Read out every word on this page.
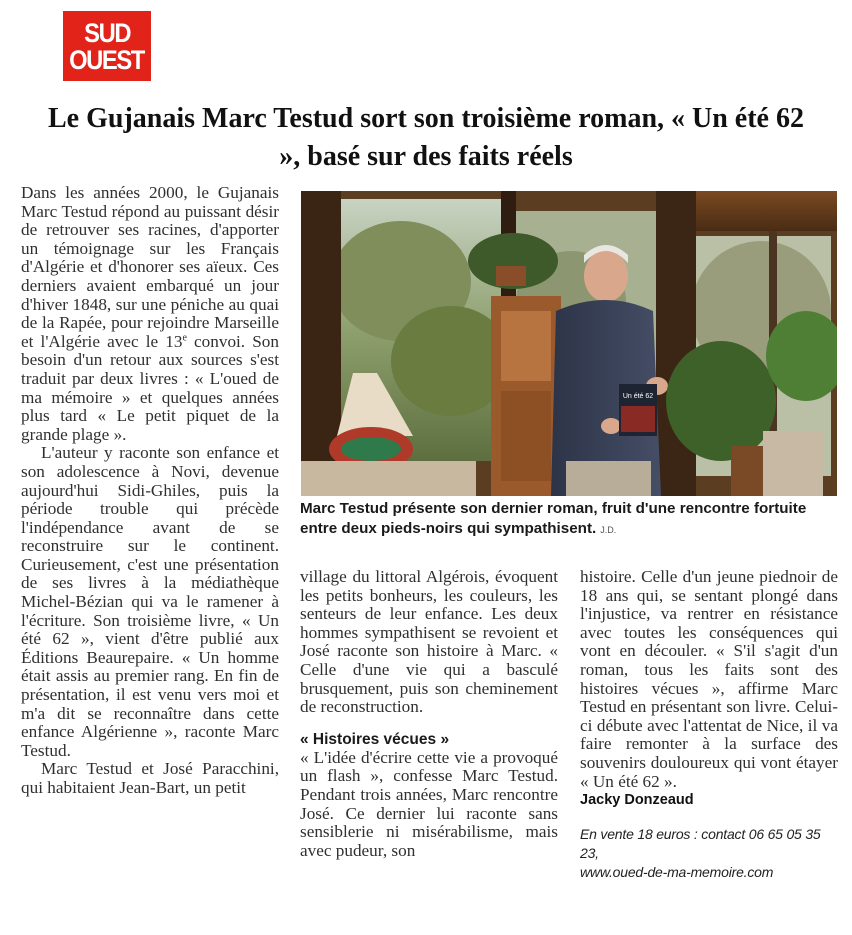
SUD
OUEST
Le Gujanais Marc Testud sort son troisième roman, « Un été 62 », basé sur des faits réels

Dans les années 2000, le Gujanais Marc Testud répond au puissant désir de retrouver ses racines, d'apporter un témoignage sur les Français d'Algérie et d'honorer ses aïeux. Ces derniers avaient embarqué un jour d'hiver 1848, sur une péniche au quai de la Rapée, pour rejoindre Marseille et l'Algérie avec le 13e convoi. Son besoin d'un retour aux sources s'est traduit par deux livres : « L'oued de ma mémoire » et quelques années plus tard « Le petit piquet de la grande plage ».

L'auteur y raconte son enfance et son adolescence à Novi, devenue aujourd'hui Sidi-Ghiles, puis la période trouble qui précède l'indépendance avant de se reconstruire sur le continent. Curieusement, c'est une présentation de ses livres à la médiathèque Michel-Bézian qui va le ramener à l'écriture. Son troisième livre, « Un été 62 », vient d'être publié aux Éditions Beaurepaire. « Un homme était assis au premier rang. En fin de présentation, il est venu vers moi et m'a dit se reconnaître dans cette enfance Algérienne », raconte Marc Testud.

Marc Testud et José Paracchini, qui habitaient Jean-Bart, un petit

Un été 62
Marc Testud présente son dernier roman, fruit d'une rencontre fortuite entre deux pieds-noirs qui sympathisent. J.D.

village du littoral Algérois, évoquent les petits bonheurs, les couleurs, les senteurs de leur enfance. Les deux hommes sympathisent se revoient et José raconte son histoire à Marc. « Celle d'une vie qui a basculé brusquement, puis son cheminement de reconstruction.

« Histoires vécues »

« L'idée d'écrire cette vie a provoqué un flash », confesse Marc Testud. Pendant trois années, Marc rencontre José. Ce dernier lui raconte sans sensiblerie ni misérabilisme, mais avec pudeur, son

histoire. Celle d'un jeune piednoir de 18 ans qui, se sentant plongé dans l'injustice, va rentrer en résistance avec toutes les conséquences qui vont en découler. « S'il s'agit d'un roman, tous les faits sont des histoires vécues », affirme Marc Testud en présentant son livre. Celui-ci débute avec l'attentat de Nice, il va faire remonter à la surface des souvenirs douloureux qui vont étayer « Un été 62 ».

Jacky Donzeaud
En vente 18 euros : contact 06 65 05 35 23,
www.oued-de-ma-memoire.com
